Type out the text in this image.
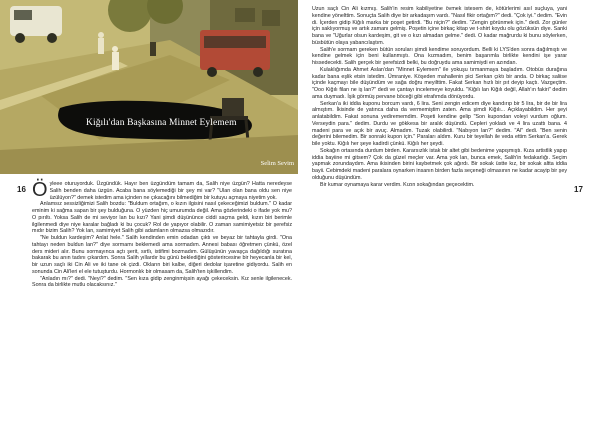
Kiğılı'dan Başkasına Minnet Eylemem
Selim Sevim
16 Öyleee oturuyorduk. Üzgündük. Hayır ben üzgündüm tamam da, Salih niye üzgün? Hatta neredeyse Salih benden daha üzgün. Acaba bana söylemediği bir şey mi var? "Ulan olan bana oldu sen niye üzülüyon?" demek istedim ama içinden ne çıkacağını bilmediğim bir kutuyu açmaya niyetim yok.

Anlamsız sessizliğimizi Salih bozdu: "Buldum ortağım, o kızın ilgisini nasıl çekeceğimizi buldum." O kadar eminim ki sağma sapan bir şey bulduğuna. O yüzden hiç umurumda değil. Ama gözlerindeki o ifade yok mu? O pırıltı. Yoksa Salih de mi seviyor lan bu kızı? Yani şimdi düşününce ciddi saçma geldi, kızın biri berimle ilgilenmedi diye niye karalar bağladı ki bu çocuk? Rol de yapıyor olabilir. O zaman samimiyetsiz bir şerefsiz mıdır bizim Salih? Yok lan, samimiyet Salih gibi adamların olmazsa olmazıdır.

"Ne buldun kardeşim? Anlat hele." Salih kendinden emin odadan çıktı ve beyaz bir tahtayla girdi. "Ona tahtayı neden buldun lan?" diye sormamı beklemedi ama sormadım. Annesi babası öğretmen çünkü, özel ders mideri alır. Bunu sormayınca açtı şerit, sırtlı, istifimi bozmadım. Gülüşünün yavaşça dağıldığı suratına bakarak bu anın tadını çıkardım. Sonra Salih yıllardır bu günü beklediğini gösterircesine bir heyecanla bir kel, bir uzun saçlı iki Cin Ali ve iki tane ok çizdi. Okların biri kalbe, diğeri dedolar işaretine gidiyordu. Salih en sonunda Cin Ali'leri el ele tutuşturdu. Hormonlık bir olmasam da, Salih'ten işkillendim.

"Anladın mı?" dedi. "Neyi?" dedim. "Sen kıza gidip zenginmişsin ayağı çekeceksin. Kız senle ilgilenecek. Sonra da birlikte mutlu olacaksınız."

17

Uzun saçlı Cin Ali kızmış. Salih'in resim kabiliyetine övmek istesem de, kötürlerimi asıl suçluya, yani kendine yönelttim. Sonuçta Salih diye bir arkadaşım vardı. "Nasıl fikir ortağım?" dedi. "Çok iyi." dedim. "Evin di. İçerden gidip Kiğılı marka bir poşet getirdi. "Bu niçin?" dedim. "Zengin görünmek için." dedi. Zor günler için saklıyormuş ve artık zamanı gelmiş. Poşetin içine birkaç kitap ve t-shirt koydu olu gözüksün diye. Sanki bana ve "Uğurlar olsun kardeşim, git ve o kızı almadan gelme." dedi. O kadar mağrurdu ki bunu söylerken, büsbütün olaya yabancılaştım.

Salih'e sormam gereken bütün soruları şimdi kendime soruyordum. Belli ki LYS'den sonra dağılmıştı ve kendine gelmek için beni kullanmıştı. Ona kızmadım, benim başarımla birlikte kendini işe yarar hissedecekti. Salih gerçek bir şerefsizdi belki, bu doğruydu ama samimiydi en azından.

Kulaklığımda Ahmet Aslan'dan "Minnet Eylemem" ile yokuşu tırmanmaya başladım. Otobüs durağına kadar bana eşlik etsin istedim. Ümraniye. Köşeden mahallenin pici Serkan çıktı bir anda. O birkaç saliise içinde kaçmayı bile düşündüm ve sağa doğru meyilttim. Fakat Serkan hızlı bir pıt deyip kaçtı. Vazgeçtim. "Ooo Kiğılı filan ne iş lan?" dedi ve çantayı incelemeye koyuldu. "Kiğılı lan Kiğılı değil, Allah'ın fakiri" dedim ama duymadı. İşik görmüş pervane böceği gibi etrafımda dönüyordu.

Serkan'a iki iddia kuponu borcum vardı, 6 lira. Seni zengin edicem diye kandırıp bir 5 lira, bir de bir lira almıştım. İkisinde de yatınca daha da vermemiştim zaten. Ama şimdi Kiğılı... Açıklayabildim. Her şeyi anlatabildim. Fakat sonuna yedirememdim. Poşeti kendine gelip "Son kupondan voleyi vurdum oğlum. Verseydin para." dedim. Durdu ve gökkesa bir aralık düşündü. Cepleri yokladı ve 4 lira uzattı bana. 4 madeni para ve açık bir avuç. Almadım. Tuzak olabilirdi. "Nabıyon lan?" dedim. "Al" dedi. "Ben senin değerini bilemedim. Bir sonraki kupon için." Paraları aldım. Kuru bir teyellah ile veda ettim Serkan'a. Gerek bile yoktu. Kiğılı her şeye kadirdi çünkü. Kiğılı her şeydi.

Sokağın ortasında durdum birden. Kararsızlık istak bir altet gibi bedenime yapışmıştı. Kıza artistlik yapıp iddia bayiine mi gitsem? Çok da güzel meçler var. Ama yok lan, bunca emek, Salih'in fedakarlığı. Seçim yapmak zorundaydım. Ama ikisinden birini kaybetmek çok ağırdı. Bir sokak üstte kız, bir sokak altta iddia bayii. Cebimdeki madeni paralara oynarken insanın birden fazla seçeneği olmasının ne kadar acayip bir şey olduğunu düşündüm.

Bir kumar oynamaya karar verdim. Kızın sokağından geçecektim.
